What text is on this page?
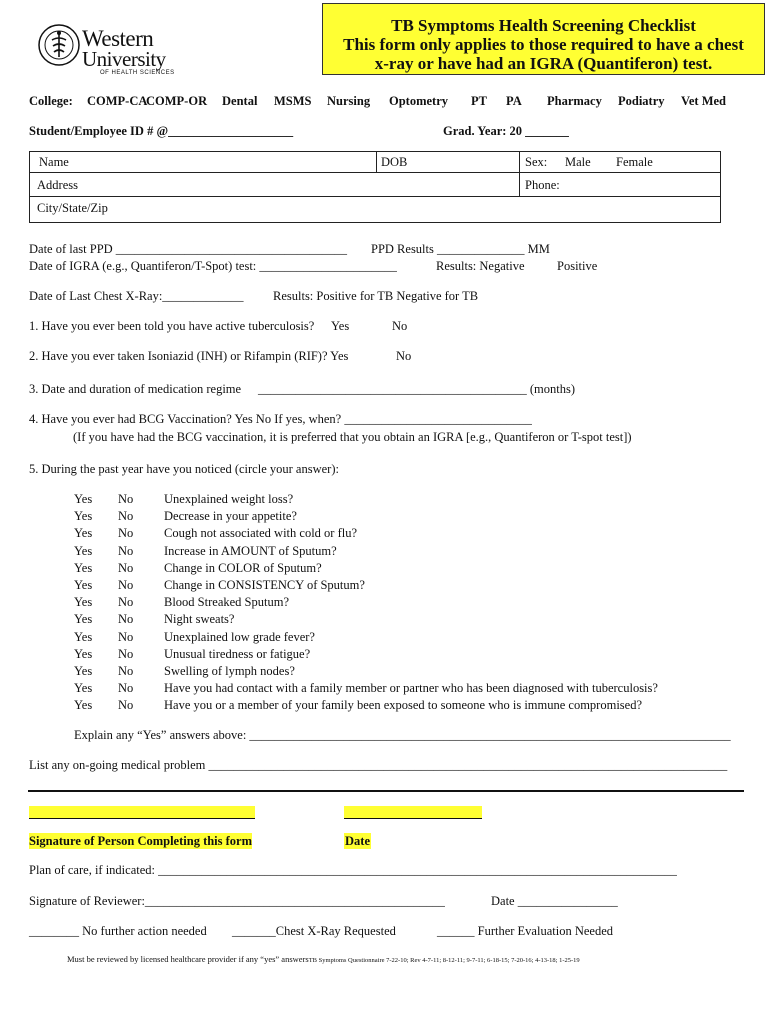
Western
University
OF HEALTH SCIENCES
TB Symptoms Health Screening Checklist
This form only applies to those required to have a chest
x-ray or have had an IGRA (Quantiferon) test.
College: COMP-CA
COMP-OR Dental MSMS Nursing Optometry PT PA Pharmacy Podiatry Vet Med
Student/Employee ID # @____________________	Grad. Year: 20 _______
Name	DOB	Sex: Male Female
Address	Phone:
City/State/Zip
Date of last PPD _____________________________________ PPD Results ______________ MM
Date of IGRA (e.g., Quantiferon/T-Spot) test: ______________________	Results: Negative	Positive
Date of Last Chest X-Ray:_____________ Results: Positive for TB Negative for TB
1. Have you ever been told you have active tuberculosis? Yes	No
2. Have you ever taken Isoniazid (INH) or Rifampin (RIF)? Yes	No
3. Date and duration of medication regime ___________________________________________ (months)
4. Have you ever had BCG Vaccination? Yes No If yes, when? ______________________________
(If you have had the BCG vaccination, it is preferred that you obtain an IGRA [e.g., Quantiferon or T-spot test])
5. During the past year have you noticed (circle your answer):
Yes No Unexplained weight loss?
Yes No Decrease in your appetite?
Yes No Cough not associated with cold or flu?
Yes No Increase in AMOUNT of Sputum?
Yes No Change in COLOR of Sputum?
Yes No Change in CONSISTENCY of Sputum?
Yes No Blood Streaked Sputum?
Yes No Night sweats?
Yes No Unexplained low grade fever?
Yes No Unusual tiredness or fatigue?
Yes No Swelling of lymph nodes?
Yes No Have you had contact with a family member or partner who has been diagnosed with tuberculosis?
Yes No Have you or a member of your family been exposed to someone who is immune compromised?
Explain any “Yes” answers above: _____________________________________________________________________________
List any on-going medical problem ___________________________________________________________________________________
Signature of Person Completing this form	Date
Plan of care, if indicated: ___________________________________________________________________________________
Signature of Reviewer:________________________________________________	Date ________________
________ No further action needed _______Chest X-Ray Requested	______ Further Evaluation Needed
Must be reviewed by licensed healthcare provider if any “yes” answersTB Symptoms Questionnaire 7-22-10; Rev 4-7-11; 8-12-11; 9-7-11; 6-18-15; 7-20-16; 4-13-18; 1-25-19
